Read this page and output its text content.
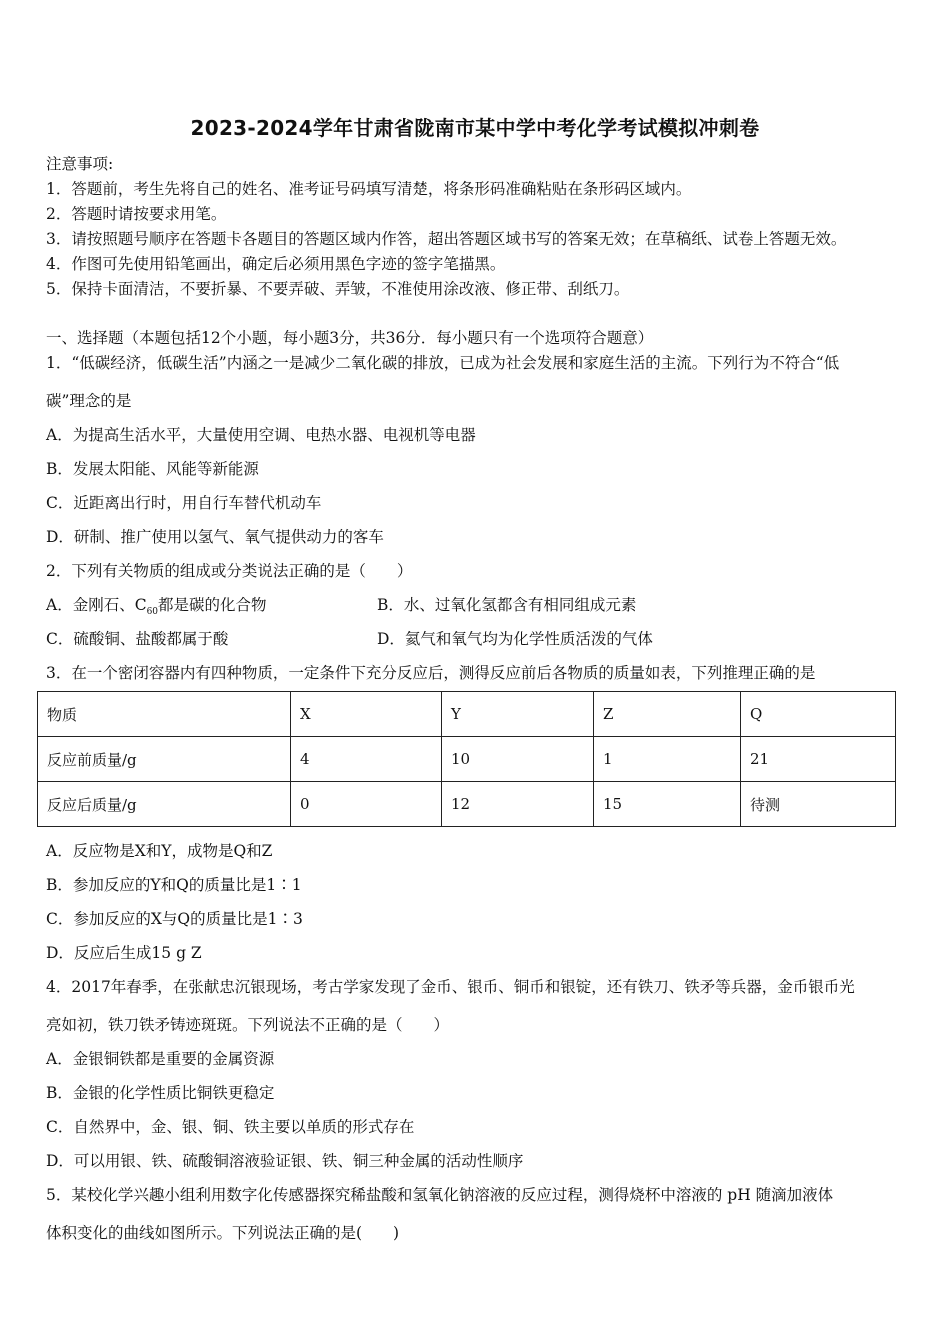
2023-2024学年甘肃省陇南市某中学中考化学考试模拟冲刺卷
注意事项:
1．答题前，考生先将自己的姓名、准考证号码填写清楚，将条形码准确粘贴在条形码区域内。
2．答题时请按要求用笔。
3．请按照题号顺序在答题卡各题目的答题区域内作答，超出答题区域书写的答案无效；在草稿纸、试卷上答题无效。
4．作图可先使用铅笔画出，确定后必须用黑色字迹的签字笔描黑。
5．保持卡面清洁，不要折暴、不要弄破、弄皱，不准使用涂改液、修正带、刮纸刀。
一、选择题（本题包括12个小题，每小题3分，共36分．每小题只有一个选项符合题意）
1．“低碳经济，低碳生活”内涵之一是减少二氧化碳的排放，已成为社会发展和家庭生活的主流。下列行为不符合“低
碳”理念的是
A．为提高生活水平，大量使用空调、电热水器、电视机等电器
B．发展太阳能、风能等新能源
C．近距离出行时，用自行车替代机动车
D．研制、推广使用以氢气、氧气提供动力的客车
2．下列有关物质的组成或分类说法正确的是（　　）
A．金刚石、$C_{60}$都是碳的化合物	B．水、过氧化氢都含有相同组成元素
C．硫酸铜、盐酸都属于酸	D．氦气和氧气均为化学性质活泼的气体
3．在一个密闭容器内有四种物质，一定条件下充分反应后，测得反应前后各物质的质量如表，下列推理正确的是
物质	X	Y	Z	Q
反应前质量/g	4	10	1	21
反应后质量/g	0	12	15	待测
A．反应物是X和Y，成物是Q和Z
B．参加反应的Y和Q的质量比是1∶1
C．参加反应的X与Q的质量比是1∶3
D．反应后生成15 g Z
4．2017年春季，在张献忠沉银现场，考古学家发现了金币、银币、铜币和银锭，还有铁刀、铁矛等兵器，金币银币光
亮如初，铁刀铁矛铸迹斑斑。下列说法不正确的是（　　）
A．金银铜铁都是重要的金属资源
B．金银的化学性质比铜铁更稳定
C．自然界中，金、银、铜、铁主要以单质的形式存在
D．可以用银、铁、硫酸铜溶液验证银、铁、铜三种金属的活动性顺序
5．某校化学兴趣小组利用数字化传感器探究稀盐酸和氢氧化钠溶液的反应过程，测得烧杯中溶液的 pH 随滴加液体
体积变化的曲线如图所示。下列说法正确的是(　　)
